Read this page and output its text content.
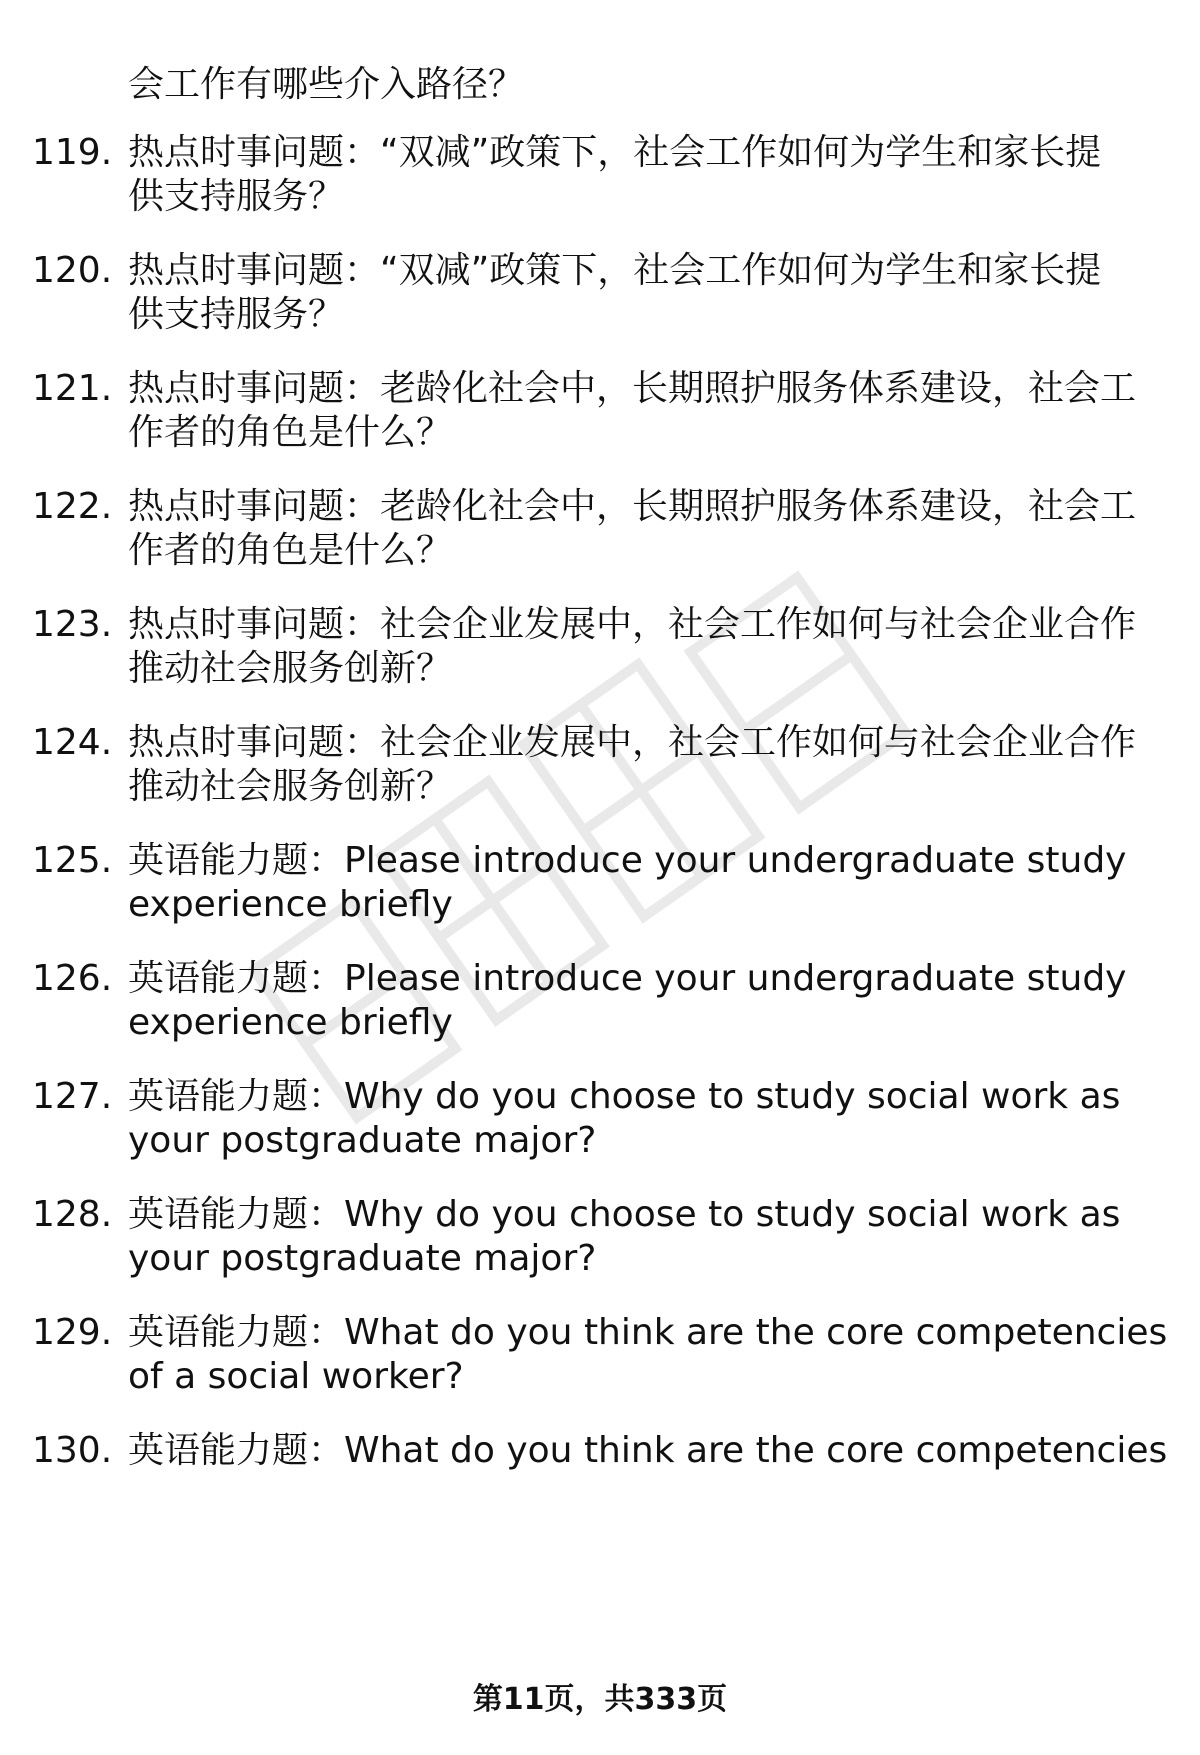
会工作有哪些介入路径？
119. 热点时事问题：“双减”政策下，社会工作如何为学生和家长提
供支持服务？
120. 热点时事问题：“双减”政策下，社会工作如何为学生和家长提
供支持服务？
121. 热点时事问题：老龄化社会中，长期照护服务体系建设，社会工
作者的角色是什么？
122. 热点时事问题：老龄化社会中，长期照护服务体系建设，社会工
作者的角色是什么？
123. 热点时事问题：社会企业发展中，社会工作如何与社会企业合作
推动社会服务创新？
124. 热点时事问题：社会企业发展中，社会工作如何与社会企业合作
推动社会服务创新？
125. 英语能力题：Please introduce your undergraduate study
experience briefly
126. 英语能力题：Please introduce your undergraduate study
experience briefly
127. 英语能力题：Why do you choose to study social work as
your postgraduate major?
128. 英语能力题：Why do you choose to study social work as
your postgraduate major?
129. 英语能力题：What do you think are the core competencies
of a social worker?
130. 英语能力题：What do you think are the core competencies
第11页，共333页
